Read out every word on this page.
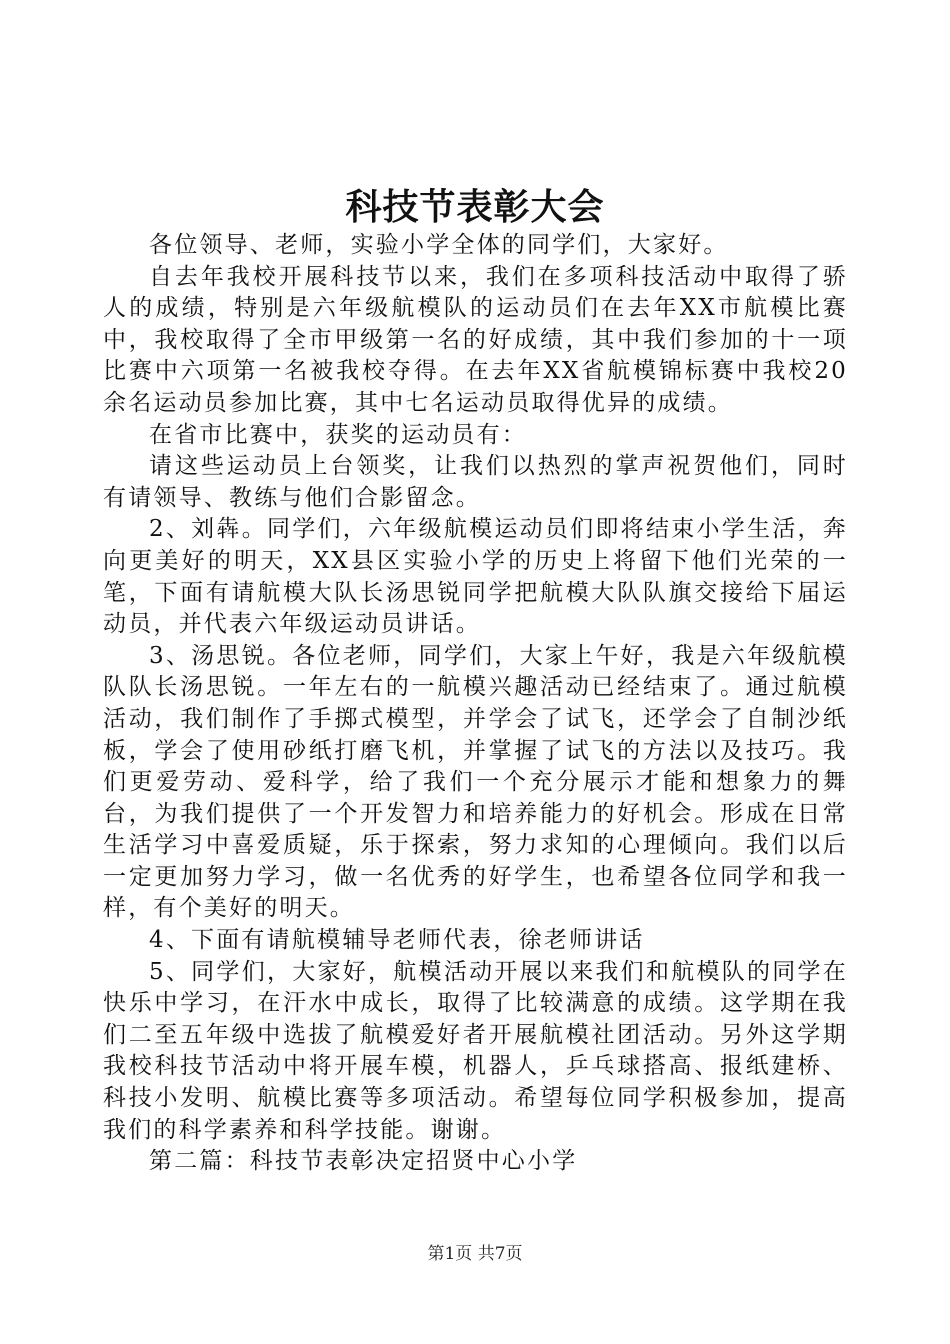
科技节表彰大会

各位领导、老师，实验小学全体的同学们，大家好。

自去年我校开展科技节以来，我们在多项科技活动中取得了骄人的成绩，特别是六年级航模队的运动员们在去年XX市航模比赛中，我校取得了全市甲级第一名的好成绩，其中我们参加的十一项比赛中六项第一名被我校夺得。在去年XX省航模锦标赛中我校20余名运动员参加比赛，其中七名运动员取得优异的成绩。

在省市比赛中，获奖的运动员有：

请这些运动员上台领奖，让我们以热烈的掌声祝贺他们，同时有请领导、教练与他们合影留念。

2、刘犇。同学们，六年级航模运动员们即将结束小学生活，奔向更美好的明天，XX县区实验小学的历史上将留下他们光荣的一笔，下面有请航模大队长汤思锐同学把航模大队队旗交接给下届运动员，并代表六年级运动员讲话。

3、汤思锐。各位老师，同学们，大家上午好，我是六年级航模队队长汤思锐。一年左右的一航模兴趣活动已经结束了。通过航模活动，我们制作了手掷式模型，并学会了试飞，还学会了自制沙纸板，学会了使用砂纸打磨飞机，并掌握了试飞的方法以及技巧。我们更爱劳动、爱科学，给了我们一个充分展示才能和想象力的舞台，为我们提供了一个开发智力和培养能力的好机会。形成在日常生活学习中喜爱质疑，乐于探索，努力求知的心理倾向。我们以后一定更加努力学习，做一名优秀的好学生，也希望各位同学和我一样，有个美好的明天。

4、下面有请航模辅导老师代表，徐老师讲话

5、同学们，大家好，航模活动开展以来我们和航模队的同学在快乐中学习，在汗水中成长，取得了比较满意的成绩。这学期在我们二至五年级中选拔了航模爱好者开展航模社团活动。另外这学期我校科技节活动中将开展车模，机器人，乒乓球搭高、报纸建桥、科技小发明、航模比赛等多项活动。希望每位同学积极参加，提高我们的科学素养和科学技能。谢谢。

第二篇：科技节表彰决定招贤中心小学

第1页 共7页
